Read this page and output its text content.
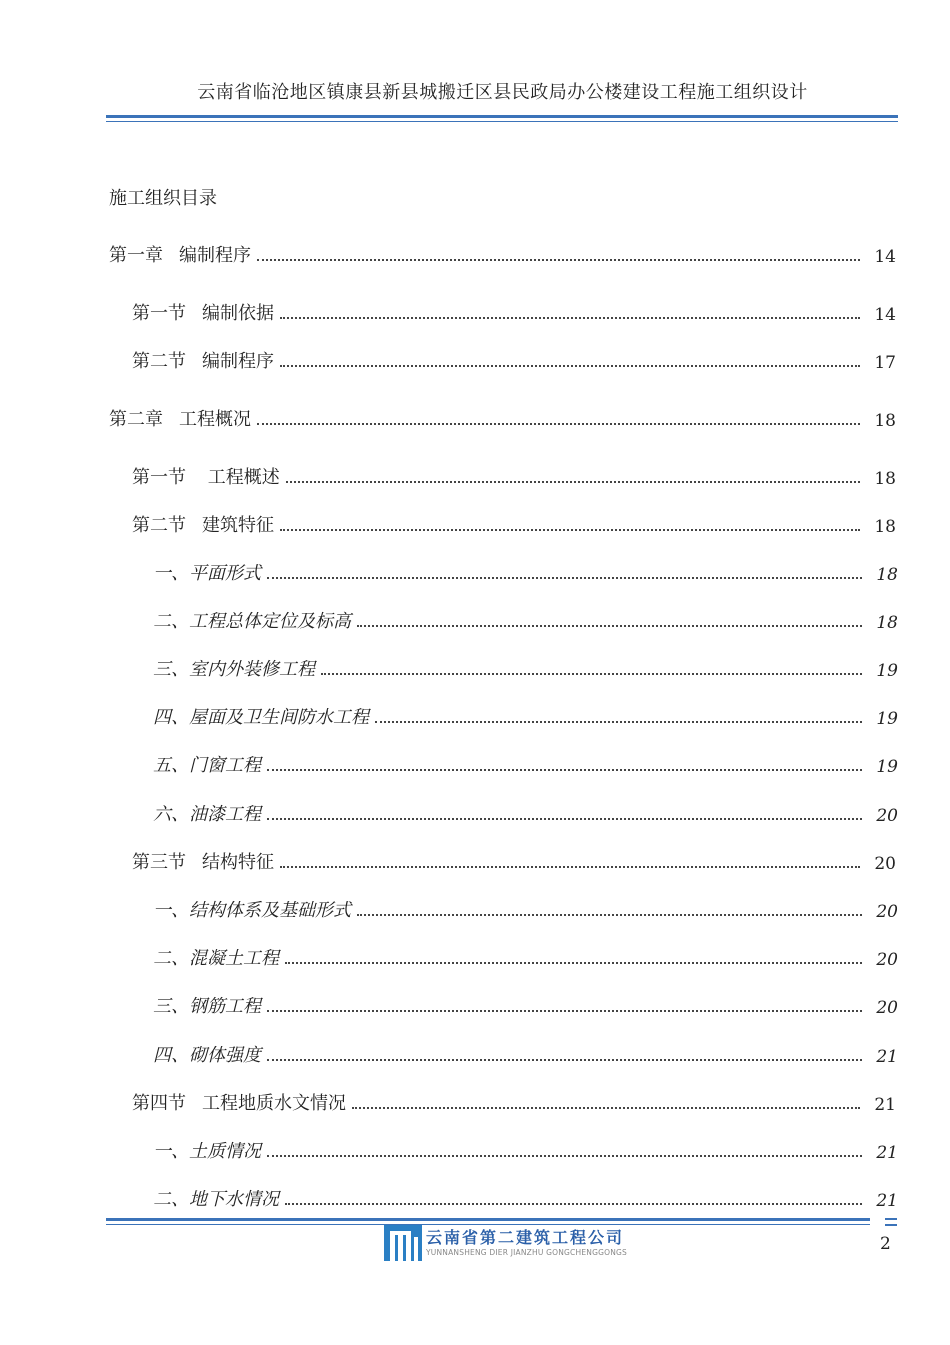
云南省临沧地区镇康县新县城搬迁区县民政局办公楼建设工程施工组织设计
施工组织目录
第一章 编制程序	14
第一节 编制依据	14
第二节 编制程序	17
第二章 工程概况	18
第一节 工程概述	18
第二节 建筑特征	18
一、平面形式	18
二、工程总体定位及标高	18
三、室内外装修工程	19
四、屋面及卫生间防水工程	19
五、门窗工程	19
六、油漆工程	20
第三节 结构特征	20
一、结构体系及基础形式	20
二、混凝土工程	20
三、钢筋工程	20
四、砌体强度	21
第四节 工程地质水文情况	21
一、土质情况	21
二、地下水情况	21
云南省第二建筑工程公司
YUNNANSHENG DIER JIANZHU GONGCHENGGONGS	2
